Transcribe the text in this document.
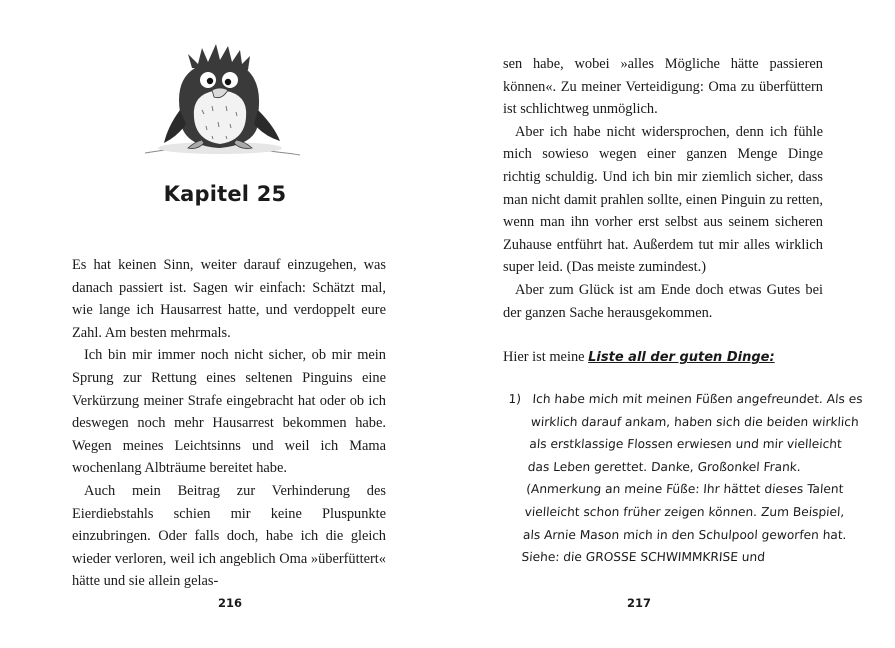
Kapitel 25

Es hat keinen Sinn, weiter darauf einzugehen, was danach passiert ist. Sagen wir einfach: Schätzt mal, wie lange ich Hausarrest hatte, und verdoppelt eure Zahl. Am besten mehrmals.

Ich bin mir immer noch nicht sicher, ob mir mein Sprung zur Rettung eines seltenen Pinguins eine Verkürzung meiner Strafe eingebracht hat oder ob ich deswegen noch mehr Hausarrest bekommen habe. Wegen meines Leichtsinns und weil ich Mama wochenlang Albträume bereitet habe.

Auch mein Beitrag zur Verhinderung des Eierdiebstahls schien mir keine Pluspunkte einzubringen. Oder falls doch, habe ich die gleich wieder verloren, weil ich angeblich Oma »überfüttert« hätte und sie allein gelas-

216

sen habe, wobei »alles Mögliche hätte passieren können«. Zu meiner Verteidigung: Oma zu überfüttern ist schlichtweg unmöglich.

Aber ich habe nicht widersprochen, denn ich fühle mich sowieso wegen einer ganzen Menge Dinge richtig schuldig. Und ich bin mir ziemlich sicher, dass man nicht damit prahlen sollte, einen Pinguin zu retten, wenn man ihn vorher erst selbst aus seinem sicheren Zuhause entführt hat. Außerdem tut mir alles wirklich super leid. (Das meiste zumindest.)

Aber zum Glück ist am Ende doch etwas Gutes bei der ganzen Sache herausgekommen.

Hier ist meine Liste all der guten Dinge:

1) Ich habe mich mit meinen Füßen angefreundet. Als es
wirklich darauf ankam, haben sich die beiden wirklich
als erstklassige Flossen erwiesen und mir vielleicht
das Leben gerettet. Danke, Großonkel Frank.
(Anmerkung an meine Füße: Ihr hättet dieses Talent
vielleicht schon früher zeigen können. Zum Beispiel,
als Arnie Mason mich in den Schulpool geworfen hat.
Siehe: die GROSSE SCHWIMMKRISE und
217
